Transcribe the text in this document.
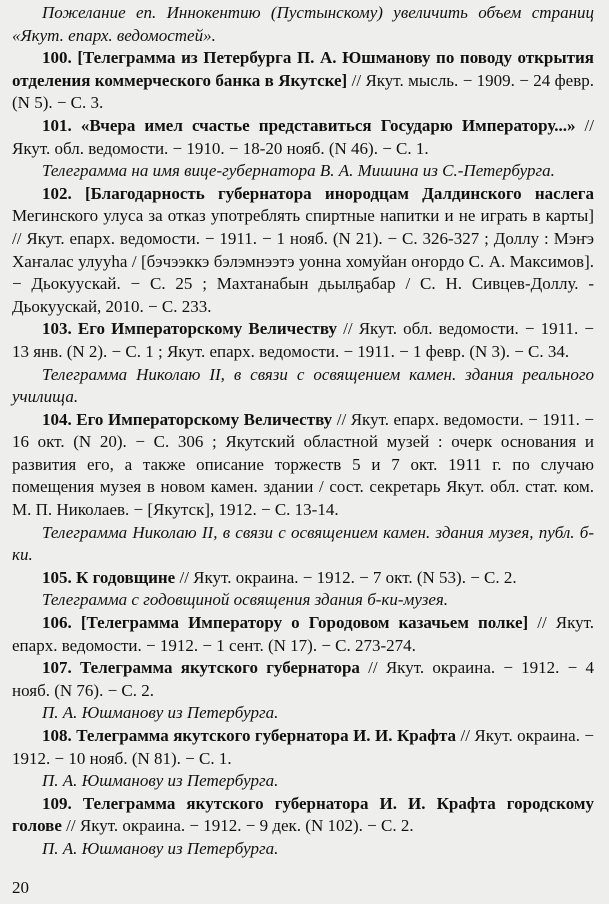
Пожелание еп. Иннокентию (Пустынскому) увеличить объем страниц «Якут. епарх. ведомостей».

100. [Телеграмма из Петербурга П. А. Юшманову по поводу открытия отделения коммерческого банка в Якутске] // Якут. мысль. − 1909. − 24 февр. (N 5). − С. 3.

101. «Вчера имел счастье представиться Государю Императору...» // Якут. обл. ведомости. − 1910. − 18-20 нояб. (N 46). − С. 1.

Телеграмма на имя вице-губернатора В. А. Мишина из С.-Петербурга.

102. [Благодарность губернатора инородцам Далдинского наслега Мегинского улуса за отказ употреблять спиртные напитки и не играть в карты] // Якут. епарх. ведомости. − 1911. − 1 нояб. (N 21). − С. 326-327 ; Доллу : Мэҥэ Хаҥалас улууһа / [бэчээккэ бэлэмнээтэ уонна хомуйан оҥордо С. А. Максимов]. − Дьокуускай. − С. 25 ; Махтанабын дьылҕабар / С. Н. Сивцев-Доллу. - Дьокуускай, 2010. − С. 233.

103. Его Императорскому Величеству // Якут. обл. ведомости. − 1911. − 13 янв. (N 2). − С. 1 ; Якут. епарх. ведомости. − 1911. − 1 февр. (N 3). − С. 34.

Телеграмма Николаю II, в связи с освящением камен. здания реального училища.

104. Его Императорскому Величеству // Якут. епарх. ведомости. − 1911. − 16 окт. (N 20). − С. 306 ; Якутский областной музей : очерк основания и развития его, а также описание торжеств 5 и 7 окт. 1911 г. по случаю помещения музея в новом камен. здании / сост. секретарь Якут. обл. стат. ком. М. П. Николаев. − [Якутск], 1912. − С. 13-14.

Телеграмма Николаю II, в связи с освящением камен. здания музея, публ. б-ки.

105. К годовщине // Якут. окраина. − 1912. − 7 окт. (N 53). − С. 2.

Телеграмма с годовщиной освящения здания б-ки-музея.

106. [Телеграмма Императору о Городовом казачьем полке] // Якут. епарх. ведомости. − 1912. − 1 сент. (N 17). − С. 273-274.

107. Телеграмма якутского губернатора // Якут. окраина. − 1912. − 4 нояб. (N 76). − С. 2.

П. А. Юшманову из Петербурга.

108. Телеграмма якутского губернатора И. И. Крафта // Якут. окраина. − 1912. − 10 нояб. (N 81). − С. 1.

П. А. Юшманову из Петербурга.

109. Телеграмма якутского губернатора И. И. Крафта городскому голове // Якут. окраина. − 1912. − 9 дек. (N 102). − С. 2.

П. А. Юшманову из Петербурга.

20
